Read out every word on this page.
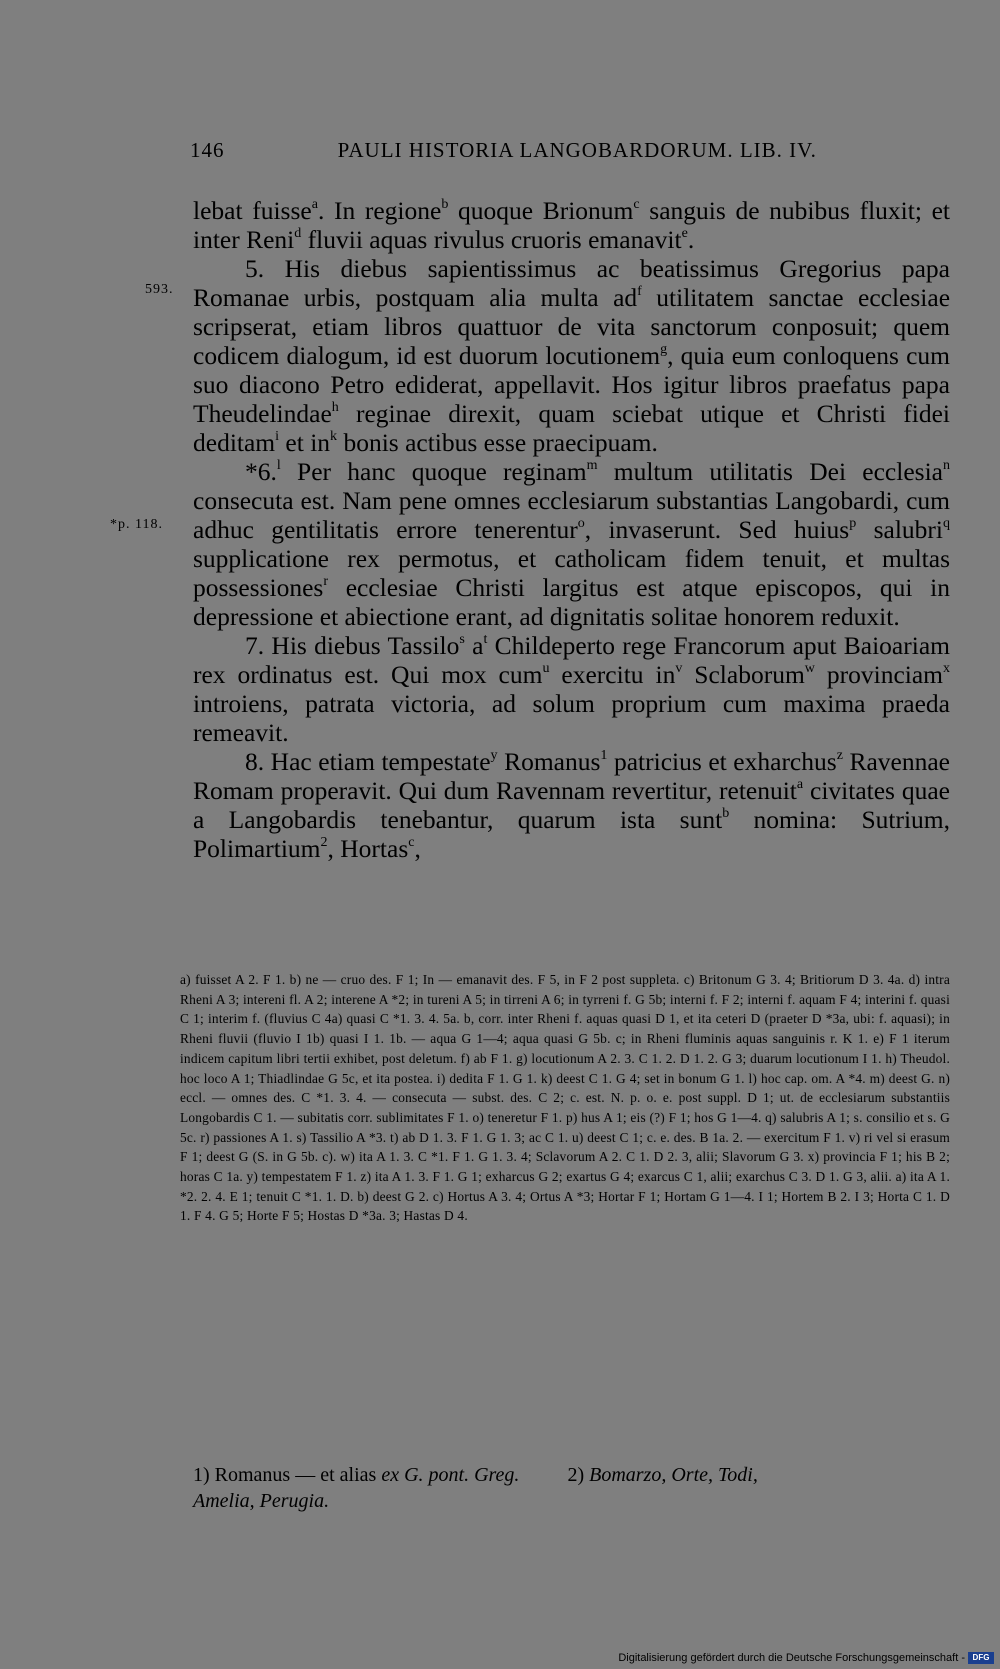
146	PAULI HISTORIA LANGOBARDORUM. LIB. IV.
593.
*p. 118.

lebat fuisse$^a$. In regione$^b$ quoque Brionum$^c$ sanguis de nubibus fluxit; et inter Reni$^d$ fluvii aquas rivulus cruoris emanavit$^e$.

5. His diebus sapientissimus ac beatissimus Gregorius papa Romanae urbis, postquam alia multa $ad^f$ utilitatem sanctae ecclesiae scripserat, etiam libros quattuor de vita sanctorum conposuit; quem codicem dialogum, id est duorum locutionem$^g$, quia eum conloquens cum suo diacono Petro ediderat, appellavit. Hos igitur libros praefatus papa Theudelindae$^h$ reginae direxit, quam sciebat utique et Christi fidei deditam$^i$ et $in^k$ bonis actibus esse praecipuam.

*6.$^l$ Per hanc quoque reginam$^m$ multum utilitatis Dei ecclesia$^n$ consecuta est. Nam pene omnes ecclesiarum substantias Langobardi, cum adhuc gentilitatis errore tenerentur$^o$, invaserunt. Sed huius$^p$ salubri$^q$ supplicatione rex permotus, et catholicam fidem tenuit, et multas possessiones$^r$ ecclesiae Christi largitus est atque episcopos, qui in depressione et abiectione erant, ad dignitatis solitae honorem reduxit.

7. His diebus Tassilo$^s$ $a^t$ Childeperto rege Francorum aput Baioariam rex ordinatus est. Qui mox cum$^u$ exercitu $in^v$ Sclaborum$^w$ provinciam$^x$ introiens, patrata victoria, ad solum proprium cum maxima praeda remeavit.

8. Hac etiam tempestate$^y$ Romanus$^1$ patricius et exharchus$^z$ Ravennae Romam properavit. Qui dum Ravennam revertitur, retenuit$^a$ civitates quae a Langobardis tenebantur, quarum ista sunt$^b$ nomina: Sutrium, Polimartium$^2$, Hortas$^c$,

a) fuisset A 2. F 1. b) ne — cruo des. F 1; In — emanavit des. F 5, in F 2 post suppleta. c) Britonum G 3. 4; Britiorum D 3. 4a. d) intra Rheni A 3; intereni fl. A 2; interene A *2; in tureni A 5; in tirreni A 6; in tyrreni f. G 5b; interni f. F 2; interni f. aquam F 4; interini f. quasi C 1; interim f. (fluvius C 4a) quasi C *1. 3. 4. 5a. b, corr. inter Rheni f. aquas quasi D 1, et ita ceteri D (praeter D *3a, ubi: f. aquasi); in Rheni fluvii (fluvio I 1b) quasi I 1. 1b. — aqua G 1—4; aqua quasi G 5b. c; in Rheni fluminis aquas sanguinis r. K 1. e) F 1 iterum indicem capitum libri tertii exhibet, post deletum. f) ab F 1. g) locutionum A 2. 3. C 1. 2. D 1. 2. G 3; duarum locutionum I 1. h) Theudol. hoc loco A 1; Thiadlindae G 5c, et ita postea. i) dedita F 1. G 1. k) deest C 1. G 4; set in bonum G 1. l) hoc cap. om. A *4. m) deest G. n) eccl. — omnes des. C *1. 3. 4. — consecuta — subst. des. C 2; c. est. N. p. o. e. post suppl. D 1; ut. de ecclesiarum substantiis Longobardis C 1. — subitatis corr. sublimitates F 1. o) teneretur F 1. p) hus A 1; eis (?) F 1; hos G 1—4. q) salubris A 1; s. consilio et s. G 5c. r) passiones A 1. s) Tassilio A *3. t) ab D 1. 3. F 1. G 1. 3; ac C 1. u) deest C 1; c. e. des. B 1a. 2. — exercitum F 1. v) ri vel si erasum F 1; deest G (S. in G 5b. c). w) ita A 1. 3. C *1. F 1. G 1. 3. 4; Sclavorum A 2. C 1. D 2. 3, alii; Slavorum G 3. x) provincia F 1; his B 2; horas C 1a. y) tempestatem F 1. z) ita A 1. 3. F 1. G 1; exharcus G 2; exartus G 4; exarcus C 1, alii; exarchus C 3. D 1. G 3, alii. a) ita A 1. *2. 2. 4. E 1; tenuit C *1. 1. D. b) deest G 2. c) Hortus A 3. 4; Ortus A *3; Hortar F 1; Hortam G 1—4. I 1; Hortem B 2. I 3; Horta C 1. D 1. F 4. G 5; Horte F 5; Hostas D *3a. 3; Hastas D 4.

1) Romanus — et alias ex G. pont. Greg. 2) Bomarzo, Orte, Todi,

Amelia, Perugia.

Digitalisierung gefördert durch die Deutsche Forschungsgemeinschaft - DFG
